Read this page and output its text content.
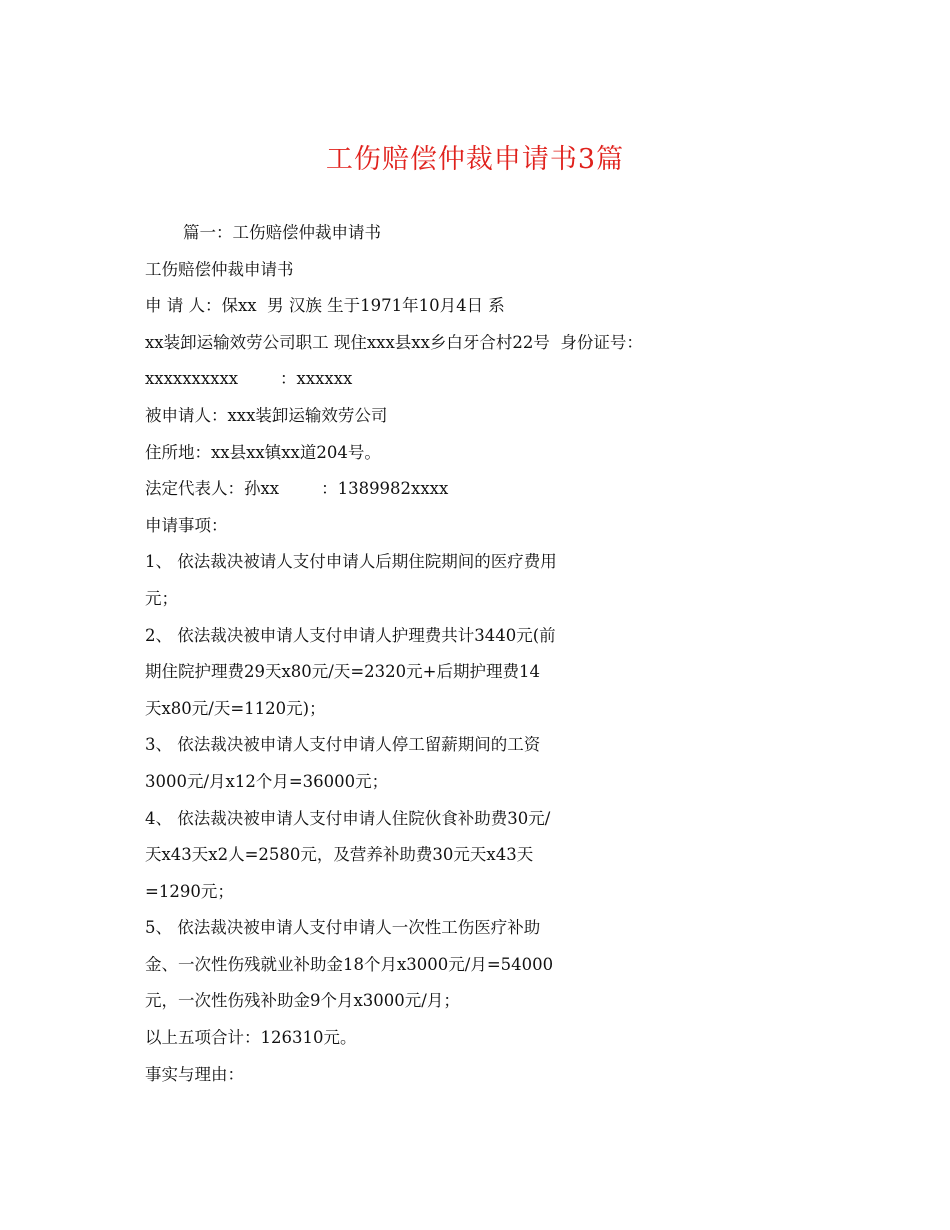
工伤赔偿仲裁申请书3篇
篇一：工伤赔偿仲裁申请书
工伤赔偿仲裁申请书
申 请 人：保xx  男 汉族 生于1971年10月4日 系
xx装卸运输效劳公司职工 现住xxx县xx乡白牙合村22号  身份证号：
xxxxxxxxxx        ：xxxxxx
被申请人：xxx装卸运输效劳公司
住所地：xx县xx镇xx道204号。
法定代表人：孙xx        ：1389982xxxx
申请事项：
1、 依法裁决被请人支付申请人后期住院期间的医疗费用
元；
2、 依法裁决被申请人支付申请人护理费共计3440元(前
期住院护理费29天x80元/天=2320元+后期护理费14
天x80元/天=1120元)；
3、 依法裁决被申请人支付申请人停工留薪期间的工资
3000元/月x12个月=36000元；
4、 依法裁决被申请人支付申请人住院伙食补助费30元/
天x43天x2人=2580元，及营养补助费30元天x43天
=1290元；
5、 依法裁决被申请人支付申请人一次性工伤医疗补助
金、一次性伤残就业补助金18个月x3000元/月=54000
元，一次性伤残补助金9个月x3000元/月；
以上五项合计：126310元。
事实与理由：
